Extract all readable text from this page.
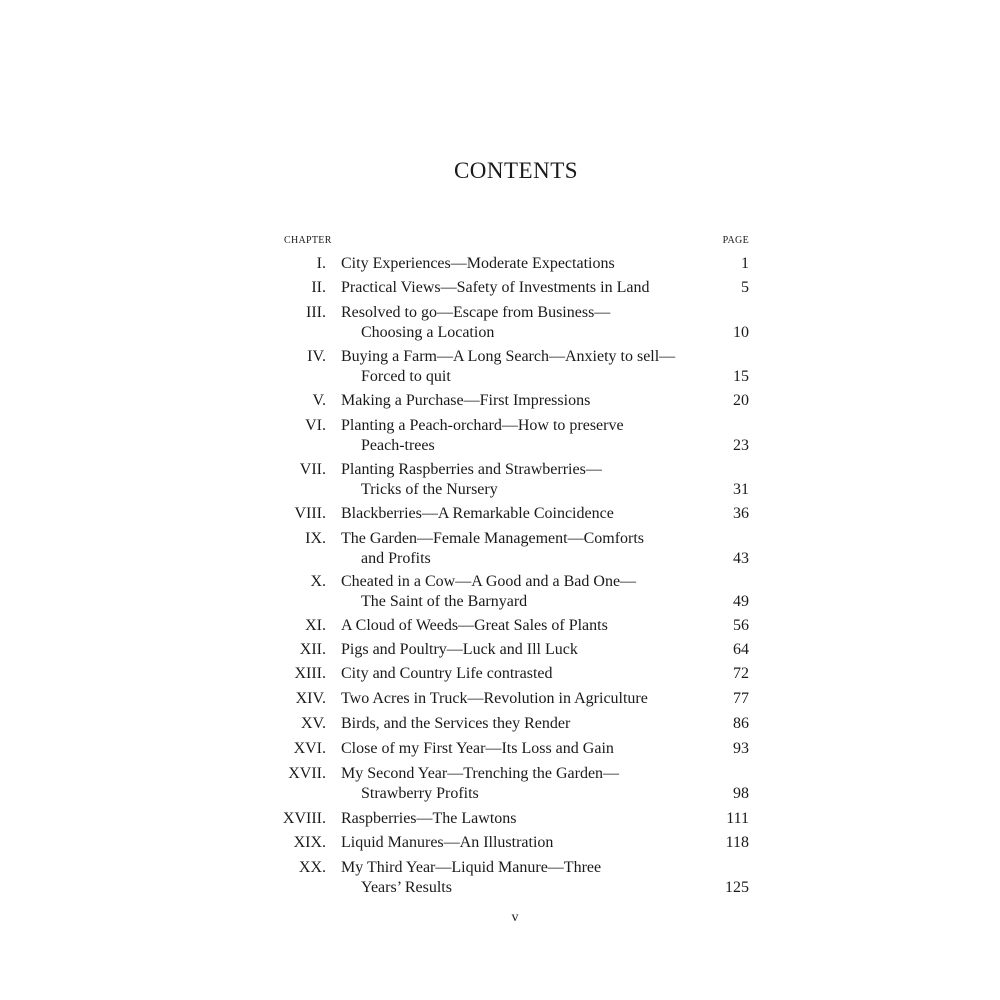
CONTENTS
CHAPTER	PAGE
I. City Experiences—Moderate Expectations	1
II. Practical Views—Safety of Investments in Land	5
III. Resolved to go—Escape from Business—
Choosing a Location	10
IV. Buying a Farm—A Long Search—Anxiety to sell—
Forced to quit	15
V. Making a Purchase—First Impressions	20
VI. Planting a Peach-orchard—How to preserve
Peach-trees	23
VII. Planting Raspberries and Strawberries—
Tricks of the Nursery	31
VIII. Blackberries—A Remarkable Coincidence	36
IX. The Garden—Female Management—Comforts
and Profits	43
X. Cheated in a Cow—A Good and a Bad One—
The Saint of the Barnyard	49
XI. A Cloud of Weeds—Great Sales of Plants	56
XII. Pigs and Poultry—Luck and Ill Luck	64
XIII. City and Country Life contrasted	72
XIV. Two Acres in Truck—Revolution in Agriculture	77
XV. Birds, and the Services they Render	86
XVI. Close of my First Year—Its Loss and Gain	93
XVII. My Second Year—Trenching the Garden—
Strawberry Profits	98
XVIII. Raspberries—The Lawtons	111
XIX. Liquid Manures—An Illustration	118
XX. My Third Year—Liquid Manure—Three
Years’ Results	125
v
